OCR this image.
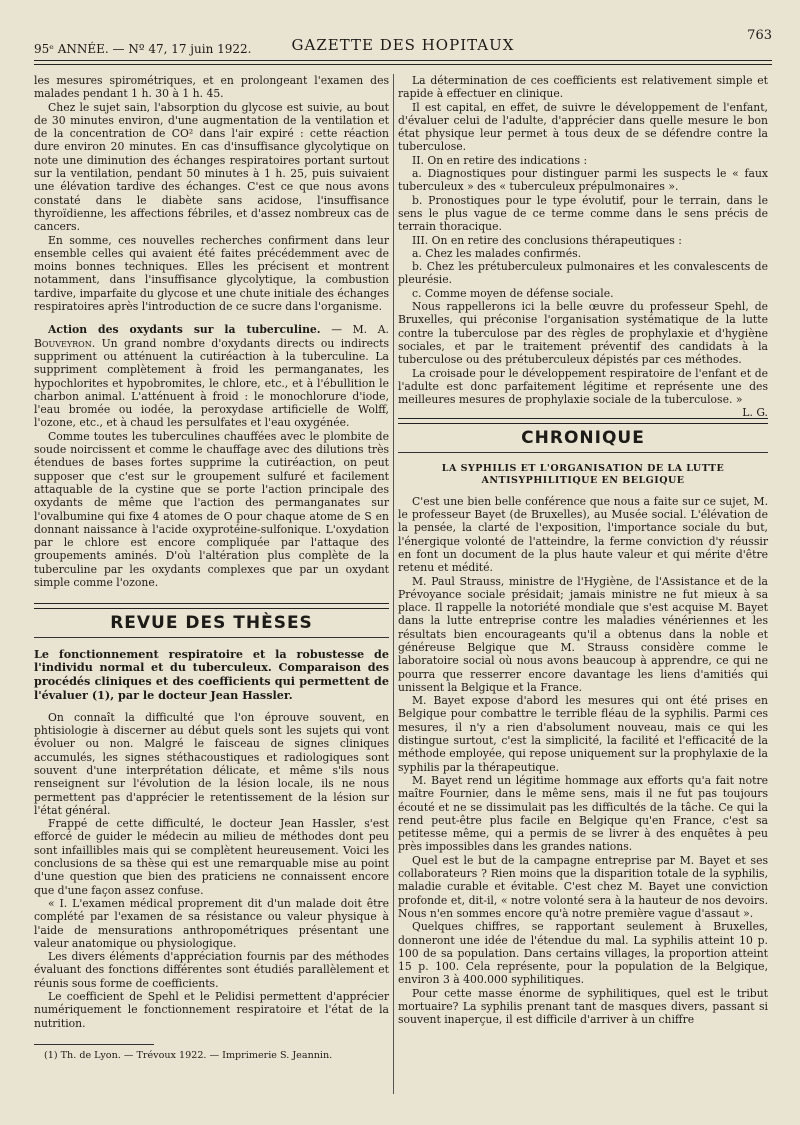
95ᵉ ANNÉE. — Nº 47, 17 juin 1922.	GAZETTE DES HOPITAUX
763

les mesures spirométriques, et en prolongeant l'examen des malades pendant 1 h. 30 à 1 h. 45.

Chez le sujet sain, l'absorption du glycose est suivie, au bout de 30 minutes environ, d'une augmentation de la ventilation et de la concentration de CO² dans l'air expiré : cette réaction dure environ 20 minutes. En cas d'insuffisance glycolytique on note une diminution des échanges respiratoires portant surtout sur la ventilation, pendant 50 minutes à 1 h. 25, puis suivaient une élévation tardive des échanges. C'est ce que nous avons constaté dans le diabète sans acidose, l'insuffisance thyroïdienne, les affections fébriles, et d'assez nombreux cas de cancers.

En somme, ces nouvelles recherches confirment dans leur ensemble celles qui avaient été faites précédemment avec de moins bonnes techniques. Elles les précisent et montrent notamment, dans l'insuffisance glycolytique, la combustion tardive, imparfaite du glycose et une chute initiale des échanges respiratoires après l'introduction de ce sucre dans l'organisme.

Action des oxydants sur la tuberculine. — M. A. Bouveyron. Un grand nombre d'oxydants directs ou indirects suppriment ou atténuent la cutiréaction à la tuberculine. La suppriment complètement à froid les permanganates, les hypochlorites et hypobromites, le chlore, etc., et à l'ébullition le charbon animal. L'atténuent à froid : le monochlorure d'iode, l'eau bromée ou iodée, la peroxydase artificielle de Wolff, l'ozone, etc., et à chaud les persulfates et l'eau oxygénée.

Comme toutes les tuberculines chauffées avec le plombite de soude noircissent et comme le chauffage avec des dilutions très étendues de bases fortes supprime la cutiréaction, on peut supposer que c'est sur le groupement sulfuré et facilement attaquable de la cystine que se porte l'action principale des oxydants de même que l'action des permanganates sur l'ovalbumine qui fixe 4 atomes de O pour chaque atome de S en donnant naissance à l'acide oxyprotéine-sulfonique. L'oxydation par le chlore est encore compliquée par l'attaque des groupements aminés. D'où l'altération plus complète de la tuberculine par les oxydants complexes que par un oxydant simple comme l'ozone.

REVUE DES THÈSES

Le fonctionnement respiratoire et la robustesse de l'individu normal et du tuberculeux. Comparaison des procédés cliniques et des coefficients qui permettent de l'évaluer (1), par le docteur Jean Hassler.

On connaît la difficulté que l'on éprouve souvent, en phtisiologie à discerner au début quels sont les sujets qui vont évoluer ou non. Malgré le faisceau de signes cliniques accumulés, les signes stéthacoustiques et radiologiques sont souvent d'une interprétation délicate, et même s'ils nous renseignent sur l'évolution de la lésion locale, ils ne nous permettent pas d'apprécier le retentissement de la lésion sur l'état général.

Frappé de cette difficulté, le docteur Jean Hassler, s'est efforcé de guider le médecin au milieu de méthodes dont peu sont infaillibles mais qui se complètent heureusement. Voici les conclusions de sa thèse qui est une remarquable mise au point d'une question que bien des praticiens ne connaissent encore que d'une façon assez confuse.

« I. L'examen médical proprement dit d'un malade doit être complété par l'examen de sa résistance ou valeur physique à l'aide de mensurations anthropométriques présentant une valeur anatomique ou physiologique.

Les divers éléments d'appréciation fournis par des méthodes évaluant des fonctions différentes sont étudiés parallèlement et réunis sous forme de coefficients.

Le coefficient de Spehl et le Pelidisi permettent d'apprécier numériquement le fonctionnement respiratoire et l'état de la nutrition.

(1) Th. de Lyon. — Trévoux 1922. — Imprimerie S. Jeannin.

La détermination de ces coefficients est relativement simple et rapide à effectuer en clinique.

Il est capital, en effet, de suivre le développement de l'enfant, d'évaluer celui de l'adulte, d'apprécier dans quelle mesure le bon état physique leur permet à tous deux de se défendre contre la tuberculose.

II. On en retire des indications :

a. Diagnostiques pour distinguer parmi les suspects le « faux tuberculeux » des « tuberculeux prépulmonaires ».

b. Pronostiques pour le type évolutif, pour le terrain, dans le sens le plus vague de ce terme comme dans le sens précis de terrain thoracique.

III. On en retire des conclusions thérapeutiques :

a. Chez les malades confirmés.

b. Chez les prétuberculeux pulmonaires et les convalescents de pleurésie.

c. Comme moyen de défense sociale.

Nous rappellerons ici la belle œuvre du professeur Spehl, de Bruxelles, qui préconise l'organisation systématique de la lutte contre la tuberculose par des règles de prophylaxie et d'hygiène sociales, et par le traitement préventif des candidats à la tuberculose ou des prétuberculeux dépistés par ces méthodes.

La croisade pour le développement respiratoire de l'enfant et de l'adulte est donc parfaitement légitime et représente une des meilleures mesures de prophylaxie sociale de la tuberculose. »
L. G.

CHRONIQUE
LA SYPHILIS ET L'ORGANISATION DE LA LUTTE ANTISYPHILITIQUE EN BELGIQUE

C'est une bien belle conférence que nous a faite sur ce sujet, M. le professeur Bayet (de Bruxelles), au Musée social. L'élévation de la pensée, la clarté de l'exposition, l'importance sociale du but, l'énergique volonté de l'atteindre, la ferme conviction d'y réussir en font un document de la plus haute valeur et qui mérite d'être retenu et médité.

M. Paul Strauss, ministre de l'Hygiène, de l'Assistance et de la Prévoyance sociale présidait; jamais ministre ne fut mieux à sa place. Il rappelle la notoriété mondiale que s'est acquise M. Bayet dans la lutte entreprise contre les maladies vénériennes et les résultats bien encourageants qu'il a obtenus dans la noble et généreuse Belgique que M. Strauss considère comme le laboratoire social où nous avons beaucoup à apprendre, ce qui ne pourra que resserrer encore davantage les liens d'amitiés qui unissent la Belgique et la France.

M. Bayet expose d'abord les mesures qui ont été prises en Belgique pour combattre le terrible fléau de la syphilis. Parmi ces mesures, il n'y a rien d'absolument nouveau, mais ce qui les distingue surtout, c'est la simplicité, la facilité et l'efficacité de la méthode employée, qui repose uniquement sur la prophylaxie de la syphilis par la thérapeutique.

M. Bayet rend un légitime hommage aux efforts qu'a fait notre maître Fournier, dans le même sens, mais il ne fut pas toujours écouté et ne se dissimulait pas les difficultés de la tâche. Ce qui la rend peut-être plus facile en Belgique qu'en France, c'est sa petitesse même, qui a permis de se livrer à des enquêtes à peu près impossibles dans les grandes nations.

Quel est le but de la campagne entreprise par M. Bayet et ses collaborateurs ? Rien moins que la disparition totale de la syphilis, maladie curable et évitable. C'est chez M. Bayet une conviction profonde et, dit-il, « notre volonté sera à la hauteur de nos devoirs. Nous n'en sommes encore qu'à notre première vague d'assaut ».

Quelques chiffres, se rapportant seulement à Bruxelles, donneront une idée de l'étendue du mal. La syphilis atteint 10 p. 100 de sa population. Dans certains villages, la proportion atteint 15 p. 100. Cela représente, pour la population de la Belgique, environ 3 à 400.000 syphilitiques.

Pour cette masse énorme de syphilitiques, quel est le tribut mortuaire? La syphilis prenant tant de masques divers, passant si souvent inaperçue, il est difficile d'arriver à un chiffre
